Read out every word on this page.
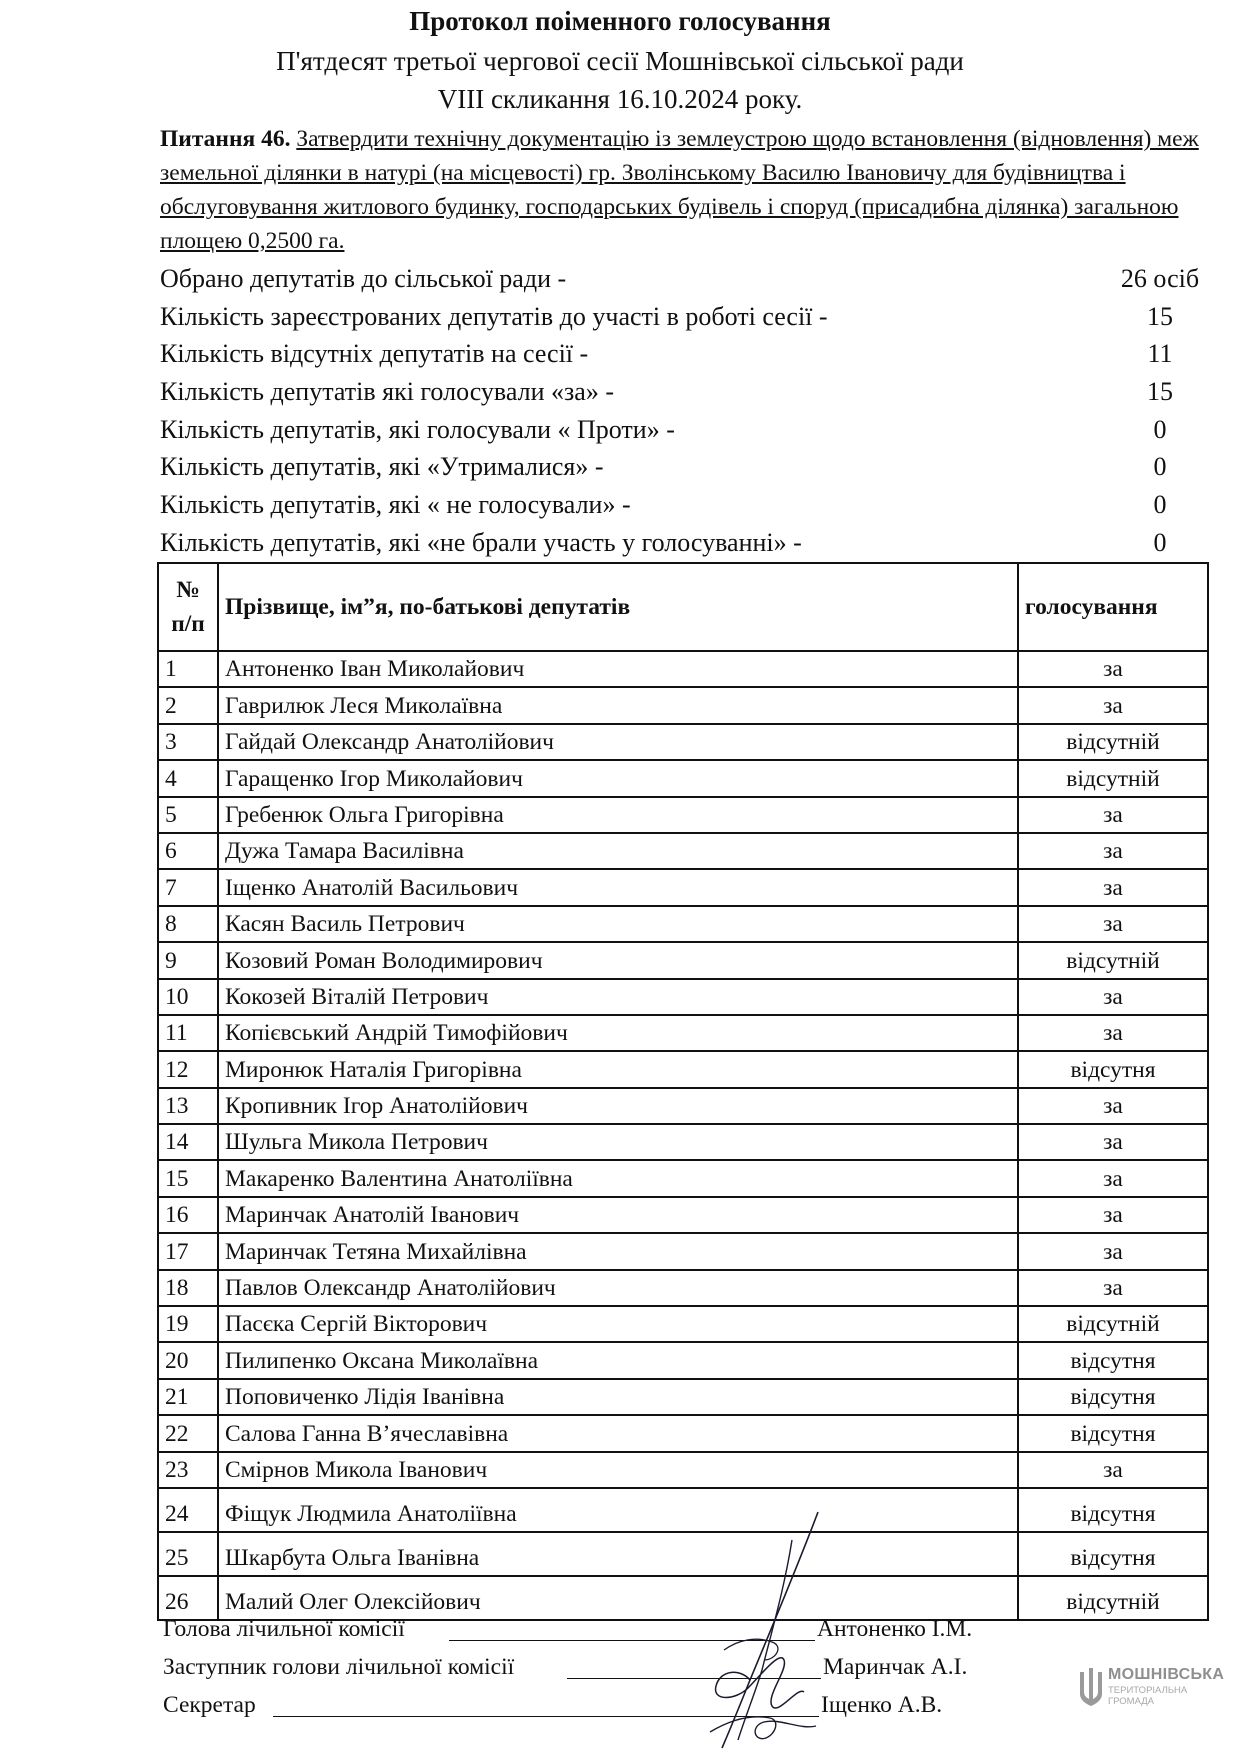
Протокол поіменного голосування
П'ятдесят третьої чергової сесії Мошнівської сільської ради
VIII скликання 16.10.2024 року.
Питання 46. Затвердити технічну документацію із землеустрою щодо встановлення (відновлення) меж земельної ділянки в натурі (на місцевості) гр. Зволінському Василю Івановичу для будівництва і обслуговування житлового будинку, господарських будівель і споруд (присадибна ділянка) загальною площею 0,2500 га.
Обрано депутатів до сільської ради -	26 осіб
Кількість зареєстрованих депутатів до участі в роботі сесії -	15
Кількість відсутніх депутатів на сесії -	11
Кількість депутатів які голосували «за» -	15
Кількість депутатів, які голосували « Проти» -	0
Кількість депутатів, які «Утрималися» -	0
Кількість депутатів, які « не голосували» -	0
Кількість депутатів, які «не брали участь у голосуванні» -	0
№
п/п	Прізвище, ім”я, по-батькові депутатів	голосування
1	Антоненко Іван Миколайович	за
2	Гаврилюк Леся Миколаївна	за
3	Гайдай Олександр Анатолійович	відсутній
4	Гаращенко Ігор Миколайович	відсутній
5	Гребенюк Ольга Григорівна	за
6	Дужа Тамара Василівна	за
7	Іщенко Анатолій Васильович	за
8	Касян Василь Петрович	за
9	Козовий Роман Володимирович	відсутній
10	Кокозей Віталій Петрович	за
11	Копієвський Андрій Тимофійович	за
12	Миронюк Наталія Григорівна	відсутня
13	Кропивник Ігор Анатолійович	за
14	Шульга Микола Петрович	за
15	Макаренко Валентина Анатоліївна	за
16	Маринчак Анатолій Іванович	за
17	Маринчак Тетяна Михайлівна	за
18	Павлов Олександр Анатолійович	за
19	Пасєка Сергій Вікторович	відсутній
20	Пилипенко Оксана Миколаївна	відсутня
21	Поповиченко Лідія Іванівна	відсутня
22	Салова Ганна В’ячеславівна	відсутня
23	Смірнов Микола Іванович	за
24	Фіщук Людмила Анатоліївна	відсутня
25	Шкарбута Ольга Іванівна	відсутня
26	Малий Олег Олексійович	відсутній
Голова лічильної комісії	Антоненко І.М.
Заступник голови лічильної комісії	Маринчак А.І.
Секретар	Іщенко А.В.
МОШНІВСЬКА
ТЕРИТОРІАЛЬНА ГРОМАДА
